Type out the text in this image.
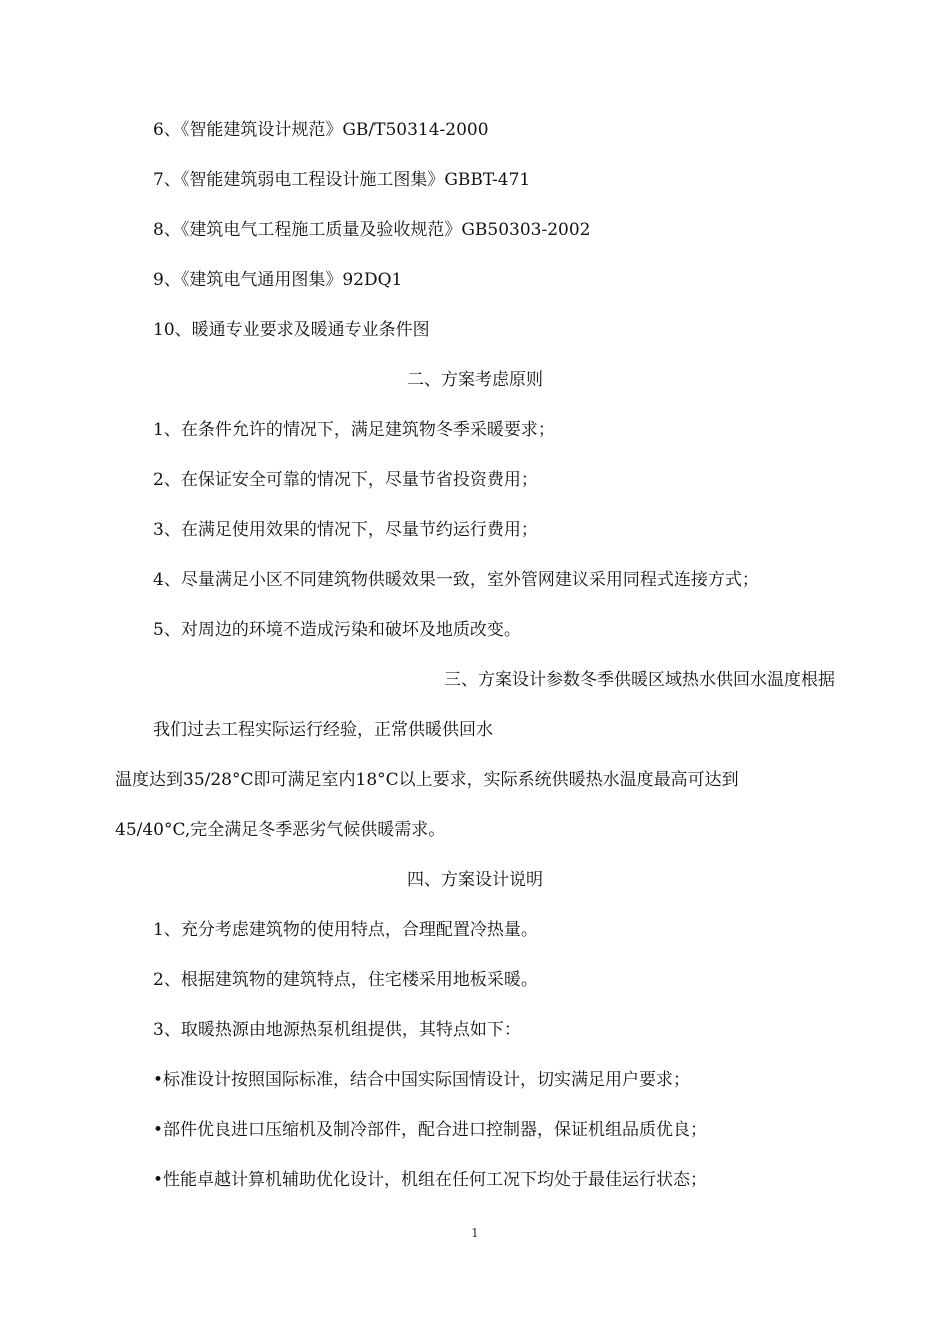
6、《智能建筑设计规范》GB/T50314-2000
7、《智能建筑弱电工程设计施工图集》GBBT-471
8、《建筑电气工程施工质量及验收规范》GB50303-2002
9、《建筑电气通用图集》92DQ1
10、暖通专业要求及暖通专业条件图
二、方案考虑原则
1、在条件允许的情况下，满足建筑物冬季采暖要求；
2、在保证安全可靠的情况下，尽量节省投资费用；
3、在满足使用效果的情况下，尽量节约运行费用；
4、尽量满足小区不同建筑物供暖效果一致，室外管网建议采用同程式连接方式；
5、对周边的环境不造成污染和破坏及地质改变。
三、方案设计参数冬季供暖区域热水供回水温度根据
我们过去工程实际运行经验，正常供暖供回水
温度达到35/28°C即可满足室内18°C以上要求，实际系统供暖热水温度最高可达到
45/40°C,完全满足冬季恶劣气候供暖需求。
四、方案设计说明
1、充分考虑建筑物的使用特点，合理配置冷热量。
2、根据建筑物的建筑特点，住宅楼采用地板采暖。
3、取暖热源由地源热泵机组提供，其特点如下：
•标准设计按照国际标准，结合中国实际国情设计，切实满足用户要求；
•部件优良进口压缩机及制冷部件，配合进口控制器，保证机组品质优良；
•性能卓越计算机辅助优化设计，机组在任何工况下均处于最佳运行状态；
1
